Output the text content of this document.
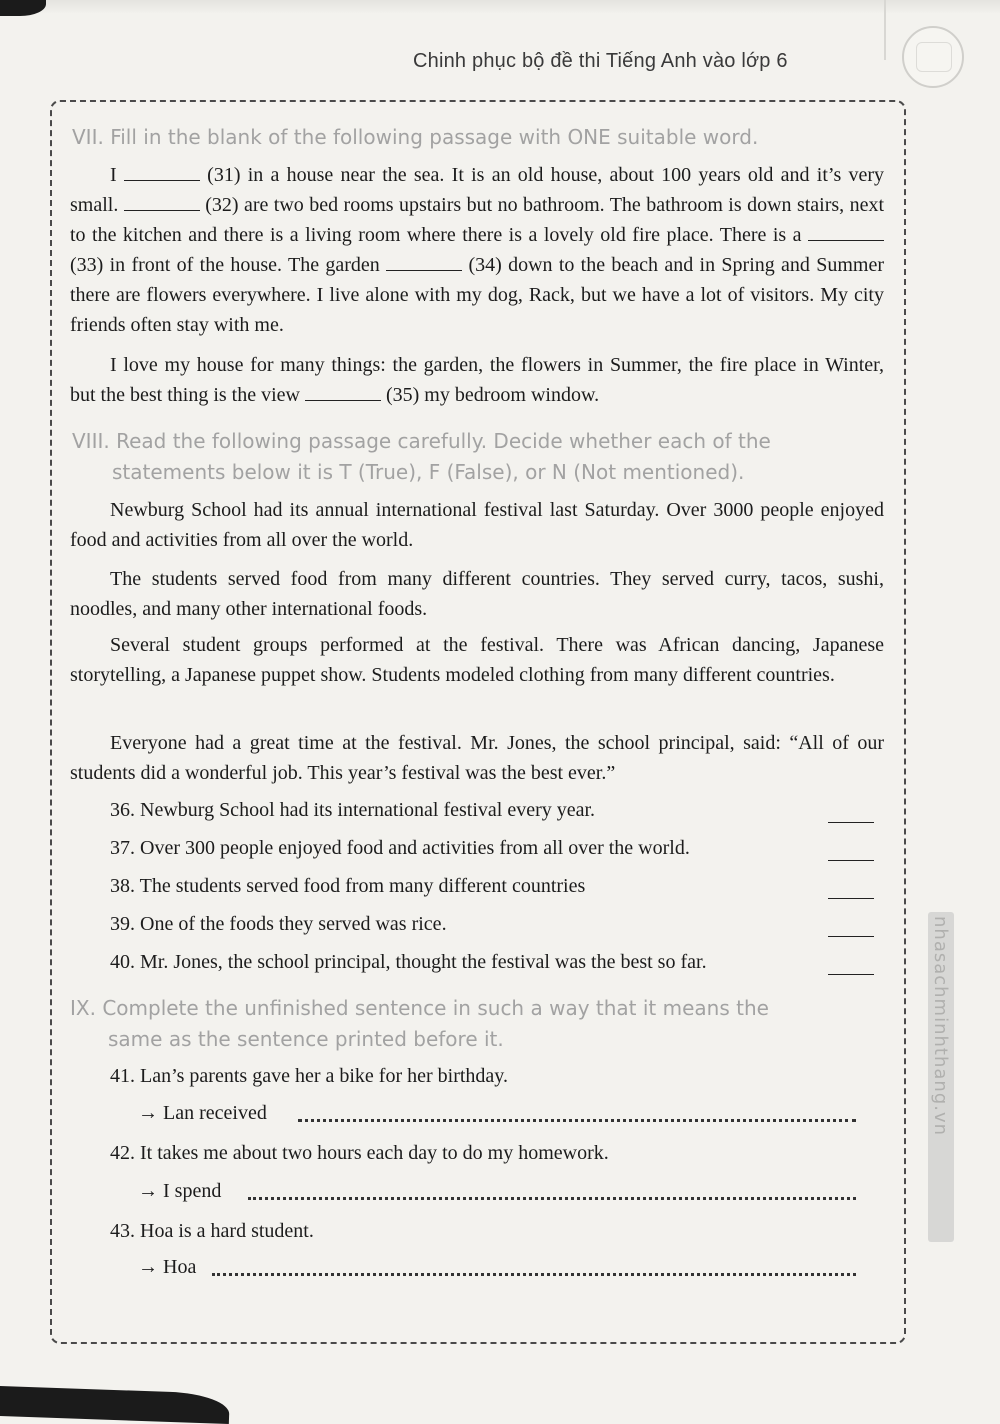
Chinh phục bộ đề thi Tiếng Anh vào lớp 6
VII. Fill in the blank of the following passage with ONE suitable word.

I	(31) in a house near the sea. It is an old house, about 100 years old and it’s very small.	(32) are two bed rooms upstairs but no bathroom. The bathroom is down stairs, next to the kitchen and there is a living room where there is a lovely old fire place. There is a  (33) in front of the house. The garden	(34) down to the beach and in Spring and Summer there are flowers everywhere. I live alone with my dog, Rack, but we have a lot of visitors. My city friends often stay with me.

I love my house for many things: the garden, the flowers in Summer, the fire place in Winter, but the best thing is the view	(35) my bedroom window.

VIII. Read the following passage carefully. Decide whether each of the
statements below it is T (True), F (False), or N (Not mentioned).

Newburg School had its annual international festival last Saturday. Over 3000 people enjoyed food and activities from all over the world.

The students served food from many different countries. They served curry, tacos, sushi, noodles, and many other international foods.

Several student groups performed at the festival. There was African dancing, Japanese storytelling, a Japanese puppet show. Students modeled clothing from many different countries.

Everyone had a great time at the festival. Mr. Jones, the school principal, said: “All of our students did a wonderful job. This year’s festival was the best ever.”

36. Newburg School had its international festival every year.
37. Over 300 people enjoyed food and activities from all over the world.
38. The students served food from many different countries
39. One of the foods they served was rice.
40. Mr. Jones, the school principal, thought the festival was the best so far.
IX. Complete the unfinished sentence in such a way that it means the
same as the sentence printed before it.
41. Lan’s parents gave her a bike for her birthday.
→ Lan received
42. It takes me about two hours each day to do my homework.
→ I spend
43. Hoa is a hard student.
→ Hoa
nhasachminhthang.vn
